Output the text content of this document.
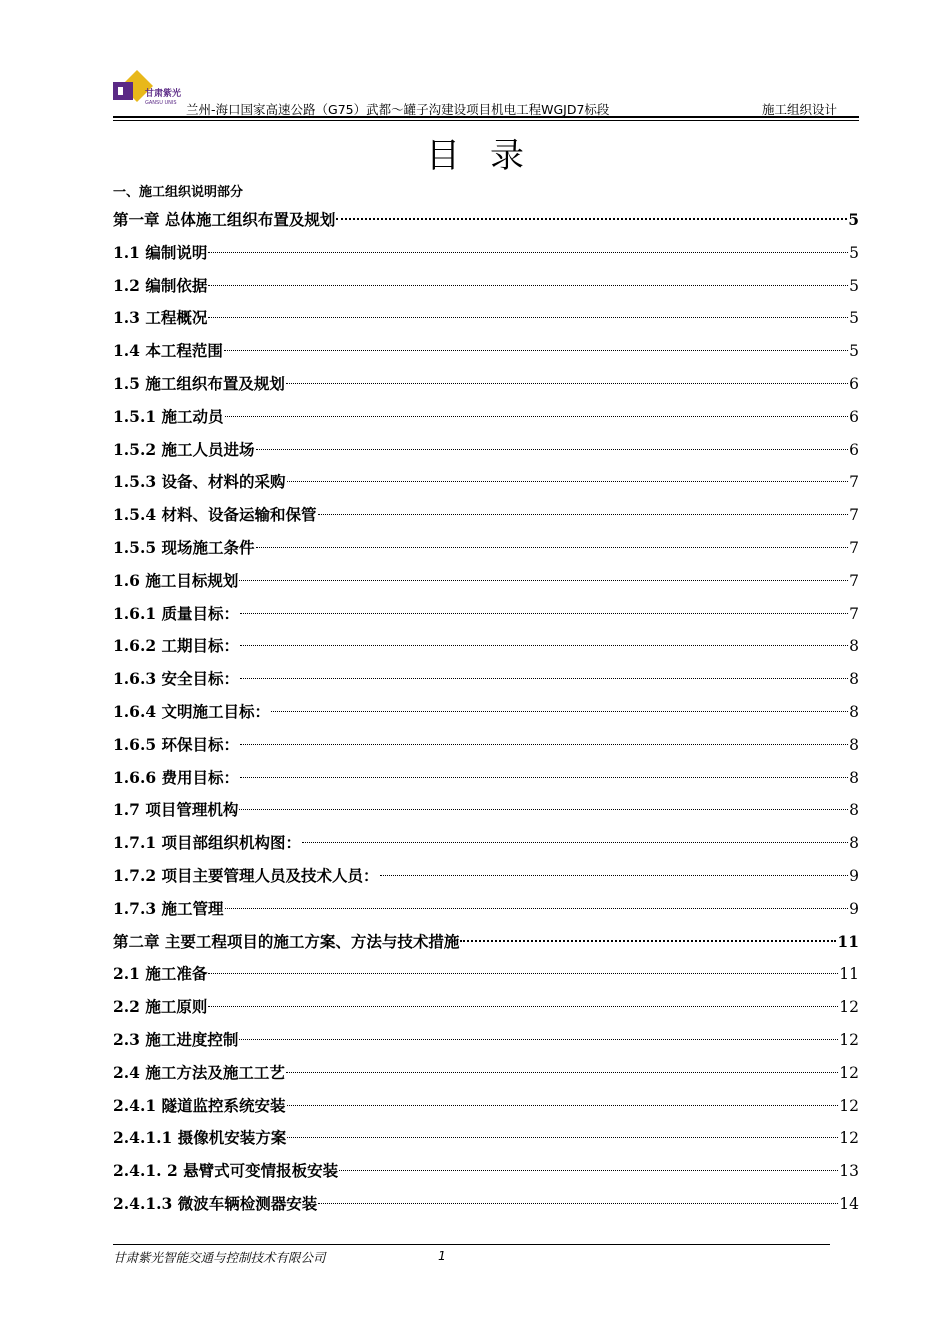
甘肃紫光
GANSU UNIS 兰州-海口国家高速公路（G75）武都～罐子沟建设项目机电工程WGJD7标段	施工组织设计
目录
一、施工组织说明部分
第一章 总体施工组织布置及规划	5
1.1 编制说明	5
1.2 编制依据	5
1.3 工程概况	5
1.4 本工程范围	5
1.5 施工组织布置及规划	6
1.5.1 施工动员	6
1.5.2 施工人员进场	6
1.5.3 设备、材料的采购	7
1.5.4 材料、设备运输和保管	7
1.5.5 现场施工条件	7
1.6 施工目标规划	7
1.6.1 质量目标：	7
1.6.2 工期目标：	8
1.6.3 安全目标：	8
1.6.4 文明施工目标：	8
1.6.5 环保目标：	8
1.6.6 费用目标：	8
1.7 项目管理机构	8
1.7.1 项目部组织机构图：	8
1.7.2 项目主要管理人员及技术人员：	9
1.7.3 施工管理	9
第二章 主要工程项目的施工方案、方法与技术措施	11
2.1 施工准备	11
2.2 施工原则	12
2.3 施工进度控制	12
2.4 施工方法及施工工艺	12
2.4.1 隧道监控系统安装	12
2.4.1.1 摄像机安装方案	12
2.4.1. 2 悬臂式可变情报板安装	13
2.4.1.3 微波车辆检测器安装	14
甘肃紫光智能交通与控制技术有限公司	1
